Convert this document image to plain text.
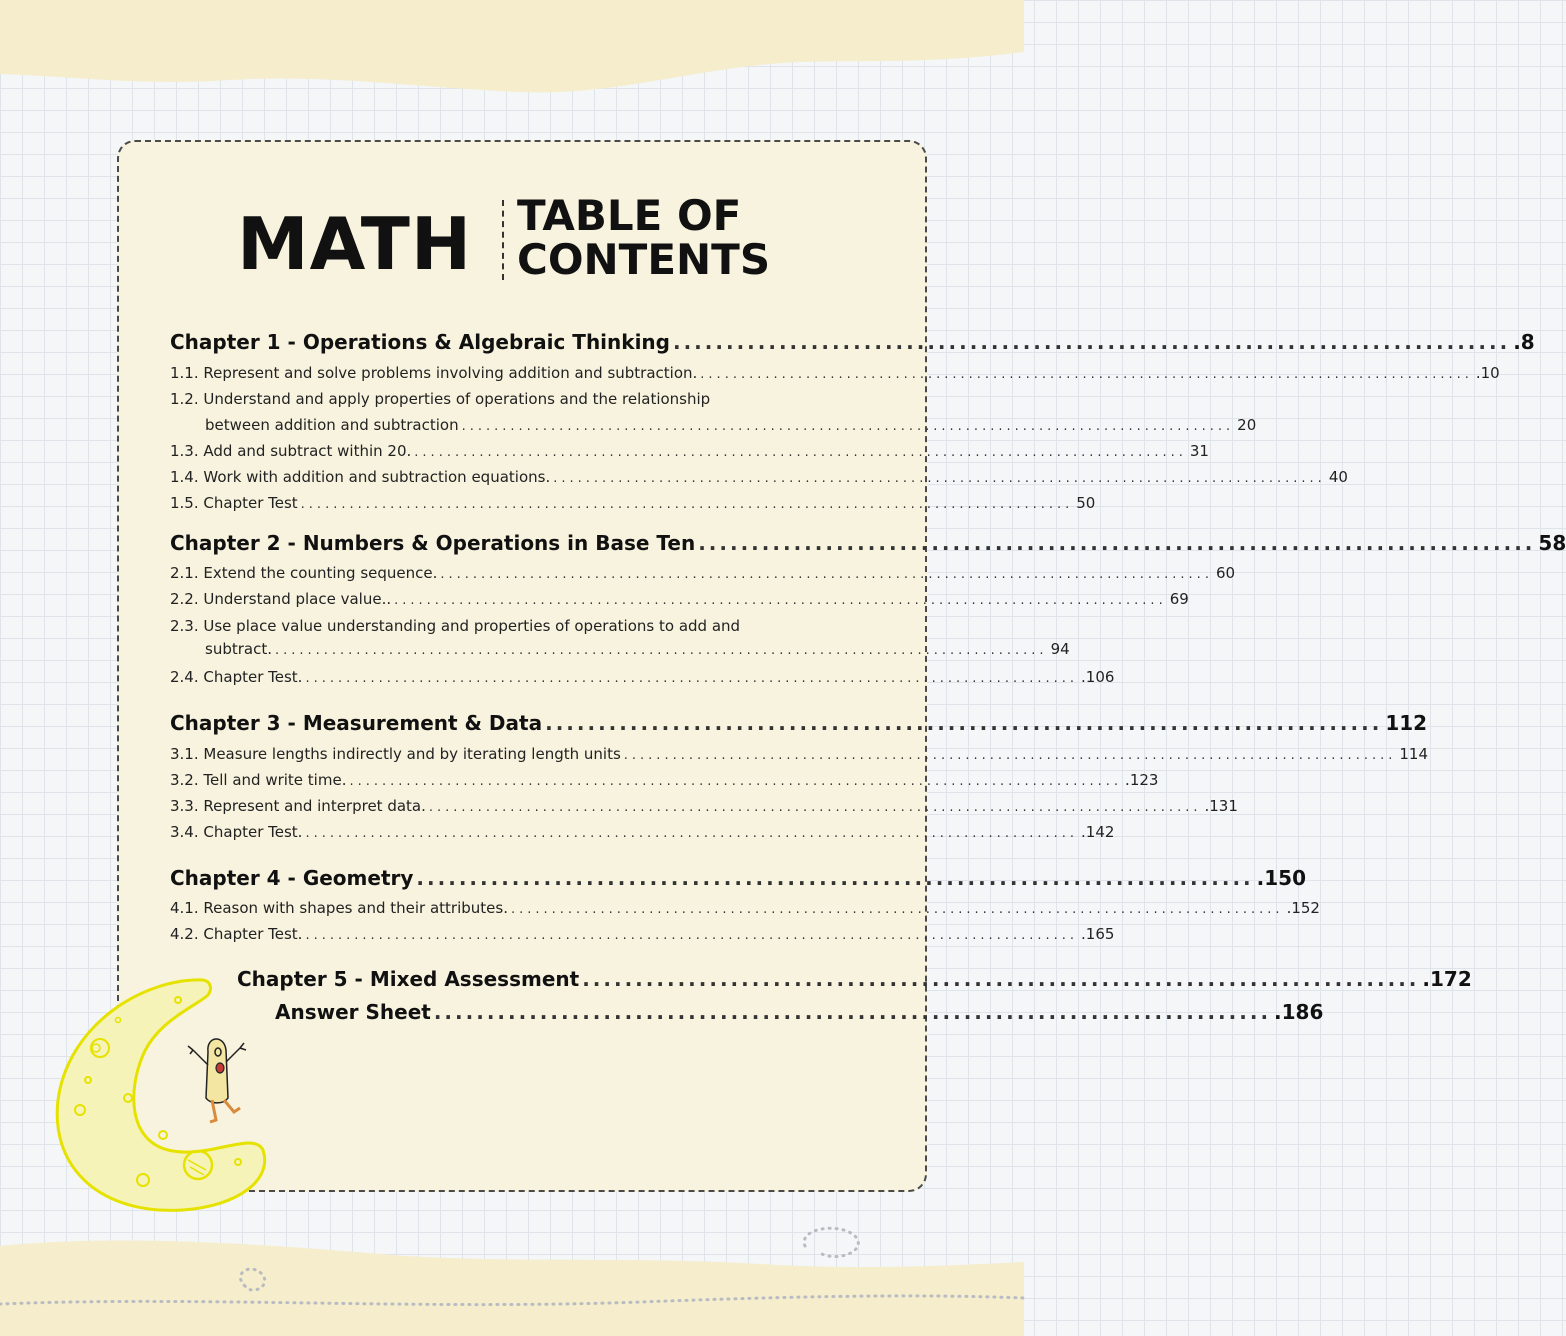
MATH TABLE OF
CONTENTS
Chapter 1 - Operations & Algebraic Thinking ............................................................................... .8
1.1. Represent and solve problems involving addition and subtraction. ............................................................................................... .10
1.2. Understand and apply properties of operations and the relationship
between addition and subtraction ............................................................................................... 20
1.3. Add and subtract within 20. ............................................................................................... 31
1.4. Work with addition and subtraction equations. ............................................................................................... 40
1.5. Chapter Test ............................................................................................... 50
Chapter 2 - Numbers & Operations in Base Ten ............................................................................... 58
2.1. Extend the counting sequence. ............................................................................................... 60
2.2. Understand place value.. ............................................................................................... 69
2.3. Use place value understanding and properties of operations to add and
subtract. ............................................................................................... 94
2.4. Chapter Test. ............................................................................................... .106
Chapter 3 - Measurement & Data ............................................................................... 112
3.1. Measure lengths indirectly and by iterating length units ............................................................................................... 114
3.2. Tell and write time. ............................................................................................... .123
3.3. Represent and interpret data. ............................................................................................... .131
3.4. Chapter Test. ............................................................................................... .142
Chapter 4 - Geometry ............................................................................... .150
4.1. Reason with shapes and their attributes. ............................................................................................... .152
4.2. Chapter Test. ............................................................................................... .165
Chapter 5 - Mixed Assessment ............................................................................... .172
Answer Sheet ............................................................................... .186
